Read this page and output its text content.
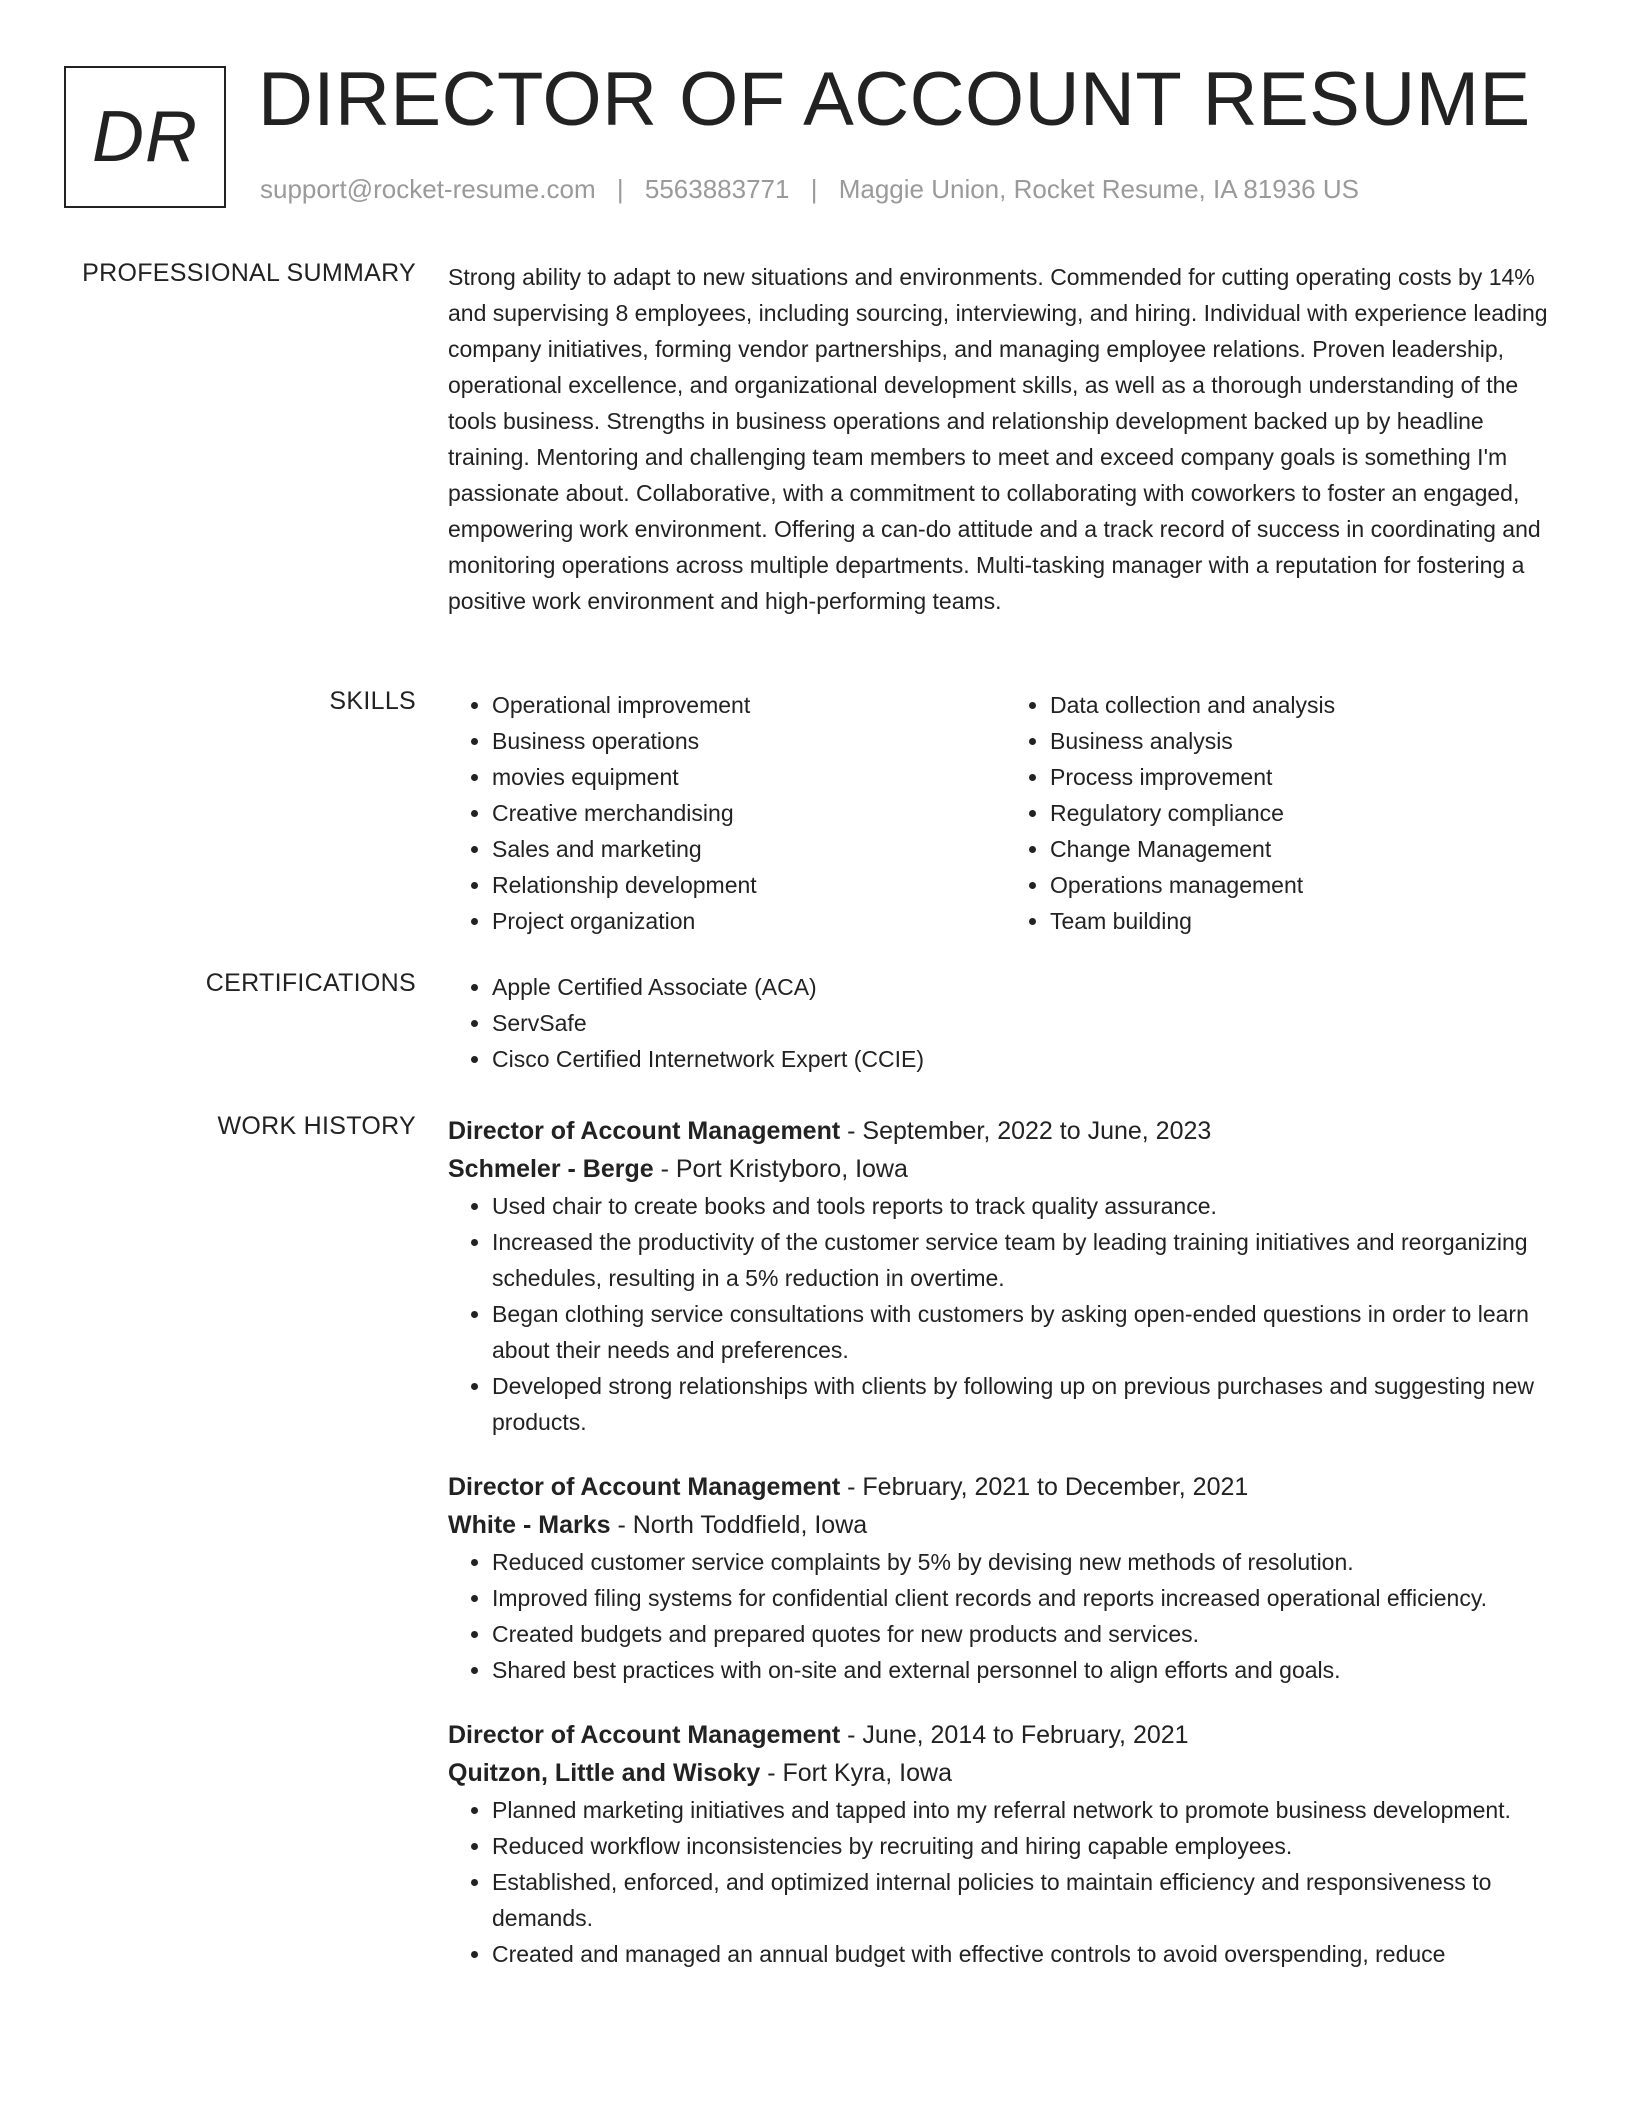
DR DIRECTOR OF ACCOUNT RESUME
support@rocket-resume.com | 5563883771 | Maggie Union, Rocket Resume, IA 81936 US
PROFESSIONAL SUMMARY Strong ability to adapt to new situations and environments. Commended for cutting operating costs by 14% and supervising 8 employees, including sourcing, interviewing, and hiring. Individual with experience leading company initiatives, forming vendor partnerships, and managing employee relations. Proven leadership, operational excellence, and organizational development skills, as well as a thorough understanding of the tools business. Strengths in business operations and relationship development backed up by headline training. Mentoring and challenging team members to meet and exceed company goals is something I'm passionate about. Collaborative, with a commitment to collaborating with coworkers to foster an engaged, empowering work environment. Offering a can-do attitude and a track record of success in coordinating and monitoring operations across multiple departments. Multi-tasking manager with a reputation for fostering a positive work environment and high-performing teams.

SKILLS	• Operational improvement
• Business operations
• movies equipment
• Creative merchandising
• Sales and marketing
• Relationship development
• Project organization
• Data collection and analysis
• Business analysis
• Process improvement
• Regulatory compliance
• Change Management
• Operations management
• Team building
CERTIFICATIONS	• Apple Certified Associate (ACA)
• ServSafe
• Cisco Certified Internetwork Expert (CCIE)
WORK HISTORY Director of Account Management - September, 2022 to June, 2023
Schmeler - Berge - Port Kristyboro, Iowa
• Used chair to create books and tools reports to track quality assurance.
• Increased the productivity of the customer service team by leading training initiatives and reorganizing schedules, resulting in a 5% reduction in overtime.
• Began clothing service consultations with customers by asking open-ended questions in order to learn about their needs and preferences.
• Developed strong relationships with clients by following up on previous purchases and suggesting new products.
Director of Account Management - February, 2021 to December, 2021
White - Marks - North Toddfield, Iowa
• Reduced customer service complaints by 5% by devising new methods of resolution.
• Improved filing systems for confidential client records and reports increased operational efficiency.
• Created budgets and prepared quotes for new products and services.
• Shared best practices with on-site and external personnel to align efforts and goals.
Director of Account Management - June, 2014 to February, 2021
Quitzon, Little and Wisoky - Fort Kyra, Iowa
• Planned marketing initiatives and tapped into my referral network to promote business development.
• Reduced workflow inconsistencies by recruiting and hiring capable employees.
• Established, enforced, and optimized internal policies to maintain efficiency and responsiveness to demands.
• Created and managed an annual budget with effective controls to avoid overspending, reduce
